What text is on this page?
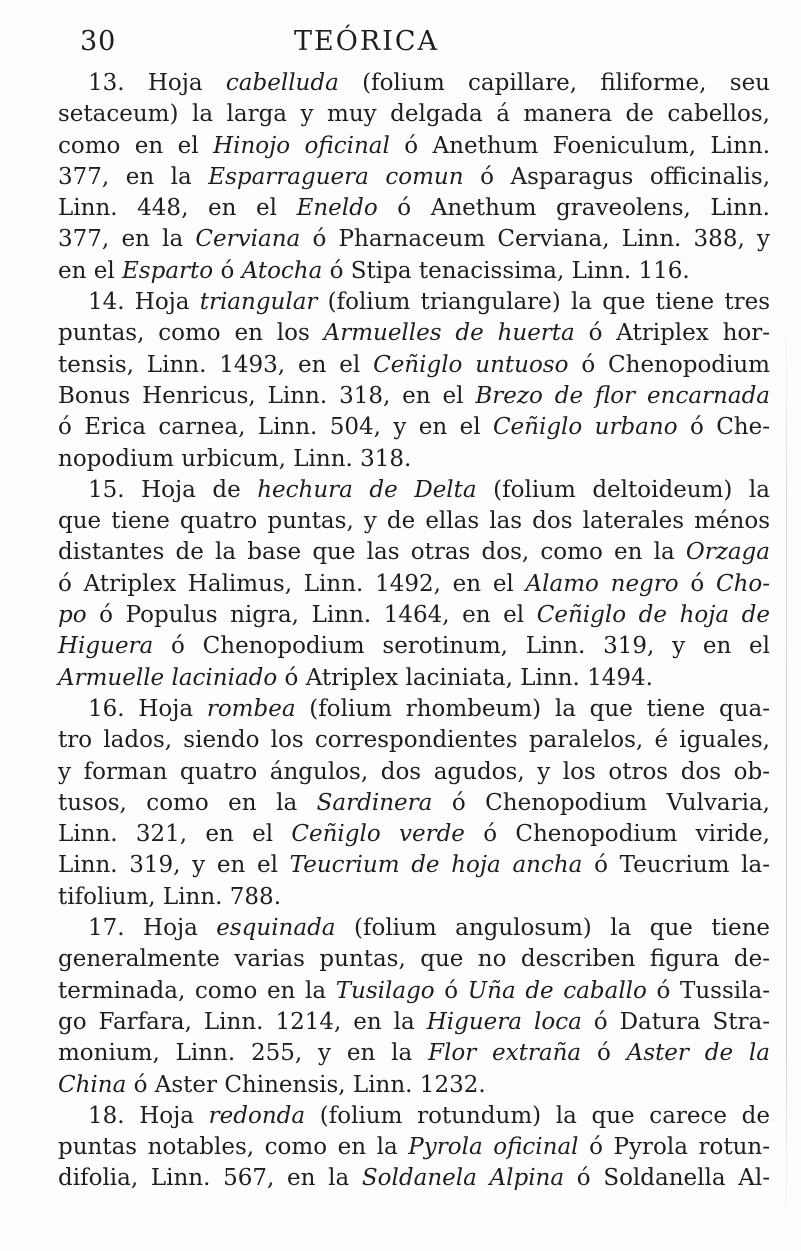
30	TEÓRICA
13. Hoja cabelluda (folium capillare, filiforme, seu
setaceum) la larga y muy delgada á manera de cabellos,
como en el Hinojo oficinal ó Anethum Foeniculum, Linn.
377, en la Esparraguera comun ó Asparagus officinalis,
Linn. 448, en el Eneldo ó Anethum graveolens, Linn.
377, en la Cerviana ó Pharnaceum Cerviana, Linn. 388, y
en el Esparto ó Atocha ó Stipa tenacissima, Linn. 116.
14. Hoja triangular (folium triangulare) la que tiene tres
puntas, como en los Armuelles de huerta ó Atriplex hor-
tensis, Linn. 1493, en el Ceñiglo untuoso ó Chenopodium
Bonus Henricus, Linn. 318, en el Brezo de flor encarnada
ó Erica carnea, Linn. 504, y en el Ceñiglo urbano ó Che-
nopodium urbicum, Linn. 318.
15. Hoja de hechura de Delta (folium deltoideum) la
que tiene quatro puntas, y de ellas las dos laterales ménos
distantes de la base que las otras dos, como en la Orzaga
ó Atriplex Halimus, Linn. 1492, en el Alamo negro ó Cho-
po ó Populus nigra, Linn. 1464, en el Ceñiglo de hoja de
Higuera ó Chenopodium serotinum, Linn. 319, y en el
Armuelle laciniado ó Atriplex laciniata, Linn. 1494.
16. Hoja rombea (folium rhombeum) la que tiene qua-
tro lados, siendo los correspondientes paralelos, é iguales,
y forman quatro ángulos, dos agudos, y los otros dos ob-
tusos, como en la Sardinera ó Chenopodium Vulvaria,
Linn. 321, en el Ceñiglo verde ó Chenopodium viride,
Linn. 319, y en el Teucrium de hoja ancha ó Teucrium la-
tifolium, Linn. 788.
17. Hoja esquinada (folium angulosum) la que tiene
generalmente varias puntas, que no describen figura de-
terminada, como en la Tusilago ó Uña de caballo ó Tussila-
go Farfara, Linn. 1214, en la Higuera loca ó Datura Stra-
monium, Linn. 255, y en la Flor extraña ó Aster de la
China ó Aster Chinensis, Linn. 1232.
18. Hoja redonda (folium rotundum) la que carece de
puntas notables, como en la Pyrola oficinal ó Pyrola rotun-
difolia, Linn. 567, en la Soldanela Alpina ó Soldanella Al-
